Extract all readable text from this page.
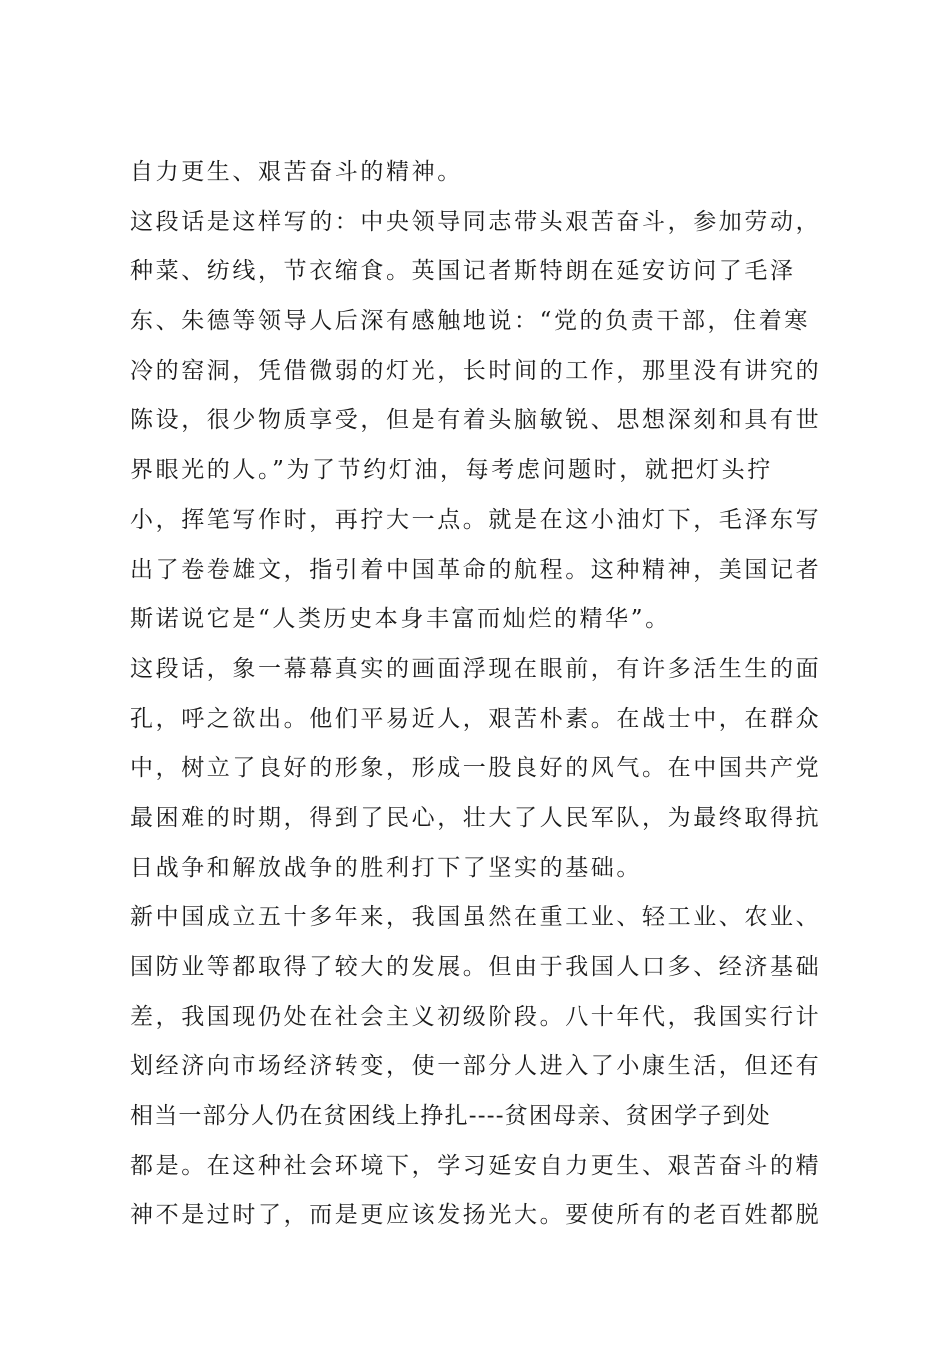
自力更生、艰苦奋斗的精神。
这段话是这样写的：中央领导同志带头艰苦奋斗，参加劳动，
种菜、纺线，节衣缩食。英国记者斯特朗在延安访问了毛泽
东、朱德等领导人后深有感触地说：“党的负责干部，住着寒
冷的窑洞，凭借微弱的灯光，长时间的工作，那里没有讲究的
陈设，很少物质享受，但是有着头脑敏锐、思想深刻和具有世
界眼光的人。”为了节约灯油，每考虑问题时，就把灯头拧
小，挥笔写作时，再拧大一点。就是在这小油灯下，毛泽东写
出了卷卷雄文，指引着中国革命的航程。这种精神，美国记者
斯诺说它是“人类历史本身丰富而灿烂的精华”。
这段话，象一幕幕真实的画面浮现在眼前，有许多活生生的面
孔，呼之欲出。他们平易近人，艰苦朴素。在战士中，在群众
中，树立了良好的形象，形成一股良好的风气。在中国共产党
最困难的时期，得到了民心，壮大了人民军队，为最终取得抗
日战争和解放战争的胜利打下了坚实的基础。
新中国成立五十多年来，我国虽然在重工业、轻工业、农业、
国防业等都取得了较大的发展。但由于我国人口多、经济基础
差，我国现仍处在社会主义初级阶段。八十年代，我国实行计
划经济向市场经济转变，使一部分人进入了小康生活，但还有
相当一部分人仍在贫困线上挣扎----贫困母亲、贫困学子到处
都是。在这种社会环境下，学习延安自力更生、艰苦奋斗的精
神不是过时了，而是更应该发扬光大。要使所有的老百姓都脱
